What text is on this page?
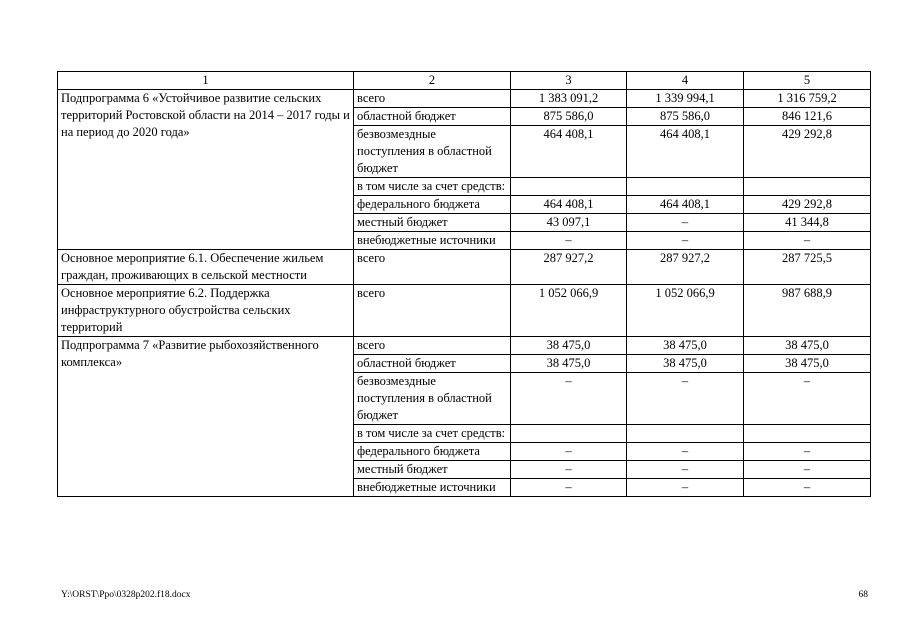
1	2	3	4	5
Подпрограмма 6 «Устойчивое развитие сельских территорий Ростовской области на 2014 – 2017 годы и на период до 2020 года»	всего	1 383 091,2	1 339 994,1	1 316 759,2
	областной бюджет	875 586,0	875 586,0	846 121,6
	безвозмездные поступления в областной бюджет	464 408,1	464 408,1	429 292,8
	в том числе за счет средств:			
	федерального бюджета	464 408,1	464 408,1	429 292,8
	местный бюджет	43 097,1	–	41 344,8
	внебюджетные источники	–	–	–
Основное мероприятие 6.1. Обеспечение жильем граждан, проживающих в сельской местности	всего	287 927,2	287 927,2	287 725,5
Основное мероприятие 6.2. Поддержка инфраструктурного обустройства сельских территорий	всего	1 052 066,9	1 052 066,9	987 688,9
Подпрограмма 7 «Развитие рыбохозяйственного комплекса»	всего	38 475,0	38 475,0	38 475,0
	областной бюджет	38 475,0	38 475,0	38 475,0
	безвозмездные поступления в областной бюджет	–	–	–
	в том числе за счет средств:			
	федерального бюджета	–	–	–
	местный бюджет	–	–	–
	внебюджетные источники	–	–	–
Y:\ORST\Ppo\0328p202.f18.docx	68
